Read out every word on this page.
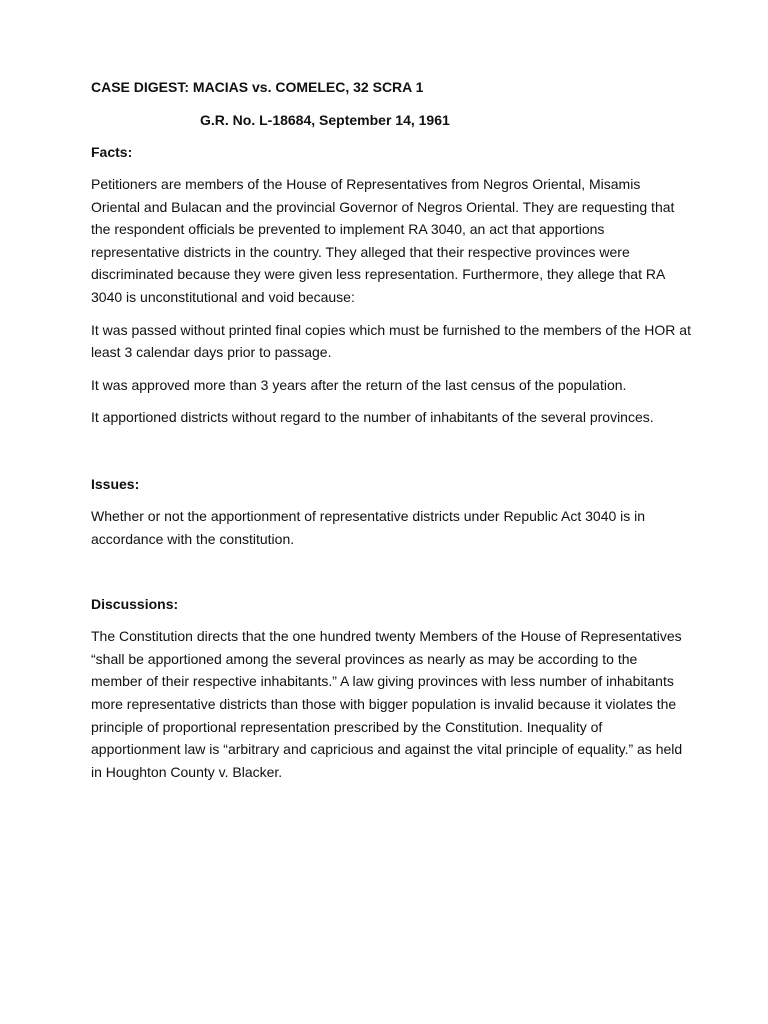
CASE DIGEST: MACIAS vs. COMELEC, 32 SCRA 1

G.R. No. L-18684, September 14, 1961

Facts:

Petitioners are members of the House of Representatives from Negros Oriental, Misamis Oriental and Bulacan and the provincial Governor of Negros Oriental. They are requesting that the respondent officials be prevented to implement RA 3040, an act that apportions representative districts in the country. They alleged that their respective provinces were discriminated because they were given less representation. Furthermore, they allege that RA 3040 is unconstitutional and void because:

It was passed without printed final copies which must be furnished to the members of the HOR at least 3 calendar days prior to passage.

It was approved more than 3 years after the return of the last census of the population.

It apportioned districts without regard to the number of inhabitants of the several provinces.

Issues:

Whether or not the apportionment of representative districts under Republic Act 3040 is in accordance with the constitution.

Discussions:

The Constitution directs that the one hundred twenty Members of the House of Representatives “shall be apportioned among the several provinces as nearly as may be according to the member of their respective inhabitants.” A law giving provinces with less number of inhabitants more representative districts than those with bigger population is invalid because it violates the principle of proportional representation prescribed by the Constitution. Inequality of apportionment law is “arbitrary and capricious and against the vital principle of equality.” as held in Houghton County v. Blacker.
